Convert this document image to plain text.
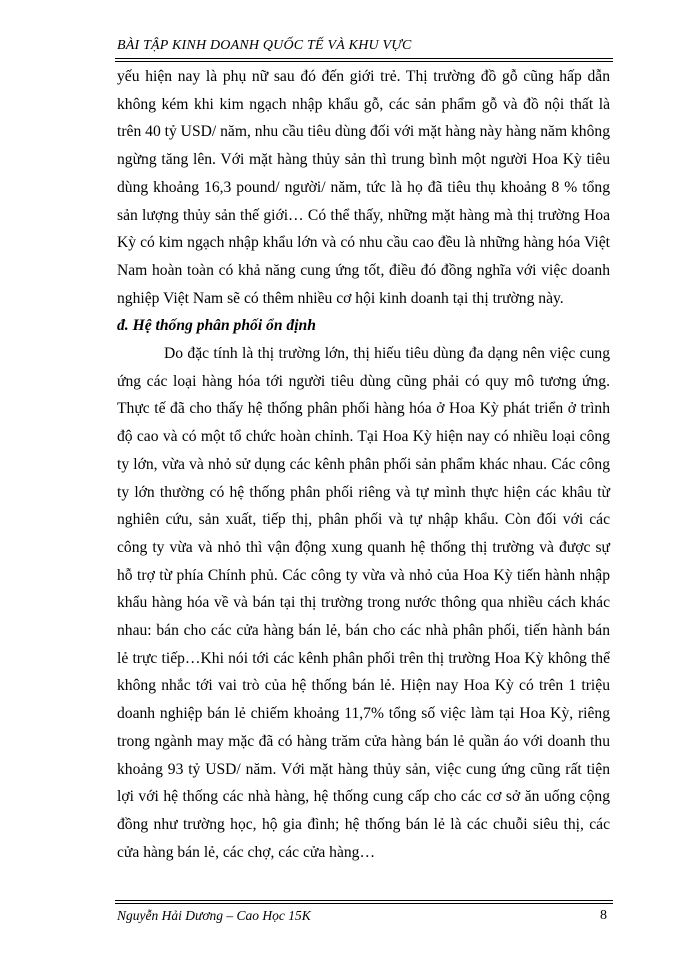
BÀI TẬP KINH DOANH QUỐC TẾ VÀ KHU VỰC

yếu hiện nay là phụ nữ sau đó đến giới trẻ. Thị trường đồ gỗ cũng hấp dẫn không kém khi kim ngạch nhập khẩu gỗ, các sản phẩm gỗ và đồ nội thất là trên 40 tỷ USD/ năm, nhu cầu tiêu dùng đối với mặt hàng này hàng năm không ngừng tăng lên. Với mặt hàng thủy sản thì trung bình một người Hoa Kỳ tiêu dùng khoảng 16,3 pound/ người/ năm, tức là họ đã tiêu thụ khoảng 8 % tổng sản lượng thủy sản thế giới… Có thể thấy, những mặt hàng mà thị trường Hoa Kỳ có kim ngạch nhập khẩu lớn và có nhu cầu cao đều là những hàng hóa Việt Nam hoàn toàn có khả năng cung ứng tốt, điều đó đồng nghĩa với việc doanh nghiệp Việt Nam sẽ có thêm nhiều cơ hội kinh doanh tại thị trường này.

đ. Hệ thống phân phối ổn định

Do đặc tính là thị trường lớn, thị hiếu tiêu dùng đa dạng nên việc cung ứng các loại hàng hóa tới người tiêu dùng cũng phải có quy mô tương ứng. Thực tế đã cho thấy hệ thống phân phối hàng hóa ở Hoa Kỳ phát triển ở trình độ cao và có một tổ chức hoàn chỉnh. Tại Hoa Kỳ hiện nay có nhiều loại công ty lớn, vừa và nhỏ sử dụng các kênh phân phối sản phẩm khác nhau. Các công ty lớn thường có hệ thống phân phối riêng và tự mình thực hiện các khâu từ nghiên cứu, sản xuất, tiếp thị, phân phối và tự nhập khẩu. Còn đối với các công ty vừa và nhỏ thì vận động xung quanh hệ thống thị trường và được sự hỗ trợ từ phía Chính phủ. Các công ty vừa và nhỏ của Hoa Kỳ tiến hành nhập khẩu hàng hóa về và bán tại thị trường trong nước thông qua nhiều cách khác nhau: bán cho các cửa hàng bán lẻ, bán cho các nhà phân phối, tiến hành bán lẻ trực tiếp…Khi nói tới các kênh phân phối trên thị trường Hoa Kỳ không thể không nhắc tới vai trò của hệ thống bán lẻ. Hiện nay Hoa Kỳ có trên 1 triệu doanh nghiệp bán lẻ chiếm khoảng 11,7% tổng số việc làm tại Hoa Kỳ, riêng trong ngành may mặc đã có hàng trăm cửa hàng bán lẻ quần áo với doanh thu khoảng 93 tỷ USD/ năm. Với mặt hàng thủy sản, việc cung ứng cũng rất tiện lợi với hệ thống các nhà hàng, hệ thống cung cấp cho các cơ sở ăn uống cộng đồng như trường học, hộ gia đình; hệ thống bán lẻ là các chuỗi siêu thị, các cửa hàng bán lẻ, các chợ, các cửa hàng…

Nguyễn Hải Dương – Cao Học 15K	8
